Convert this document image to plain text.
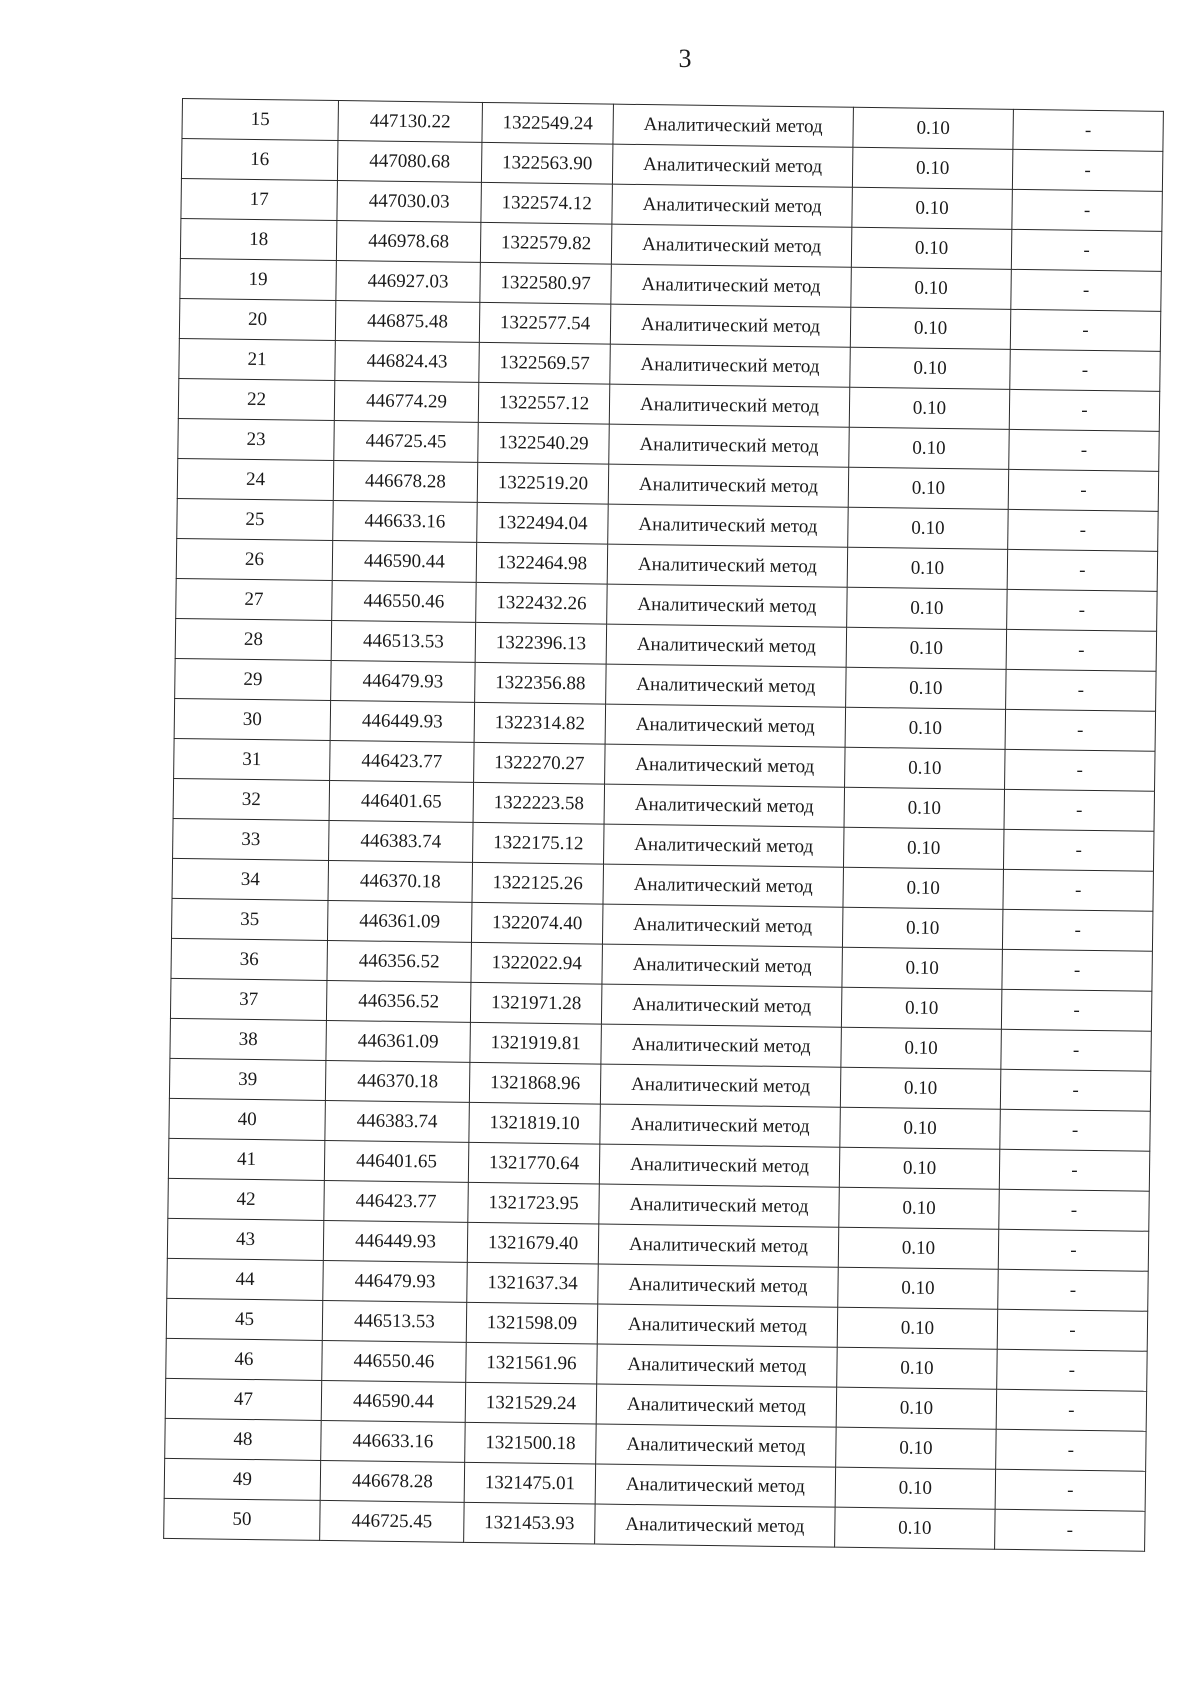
3
15	447130.22	1322549.24	Аналитический метод	0.10	-
16	447080.68	1322563.90	Аналитический метод	0.10	-
17	447030.03	1322574.12	Аналитический метод	0.10	-
18	446978.68	1322579.82	Аналитический метод	0.10	-
19	446927.03	1322580.97	Аналитический метод	0.10	-
20	446875.48	1322577.54	Аналитический метод	0.10	-
21	446824.43	1322569.57	Аналитический метод	0.10	-
22	446774.29	1322557.12	Аналитический метод	0.10	-
23	446725.45	1322540.29	Аналитический метод	0.10	-
24	446678.28	1322519.20	Аналитический метод	0.10	-
25	446633.16	1322494.04	Аналитический метод	0.10	-
26	446590.44	1322464.98	Аналитический метод	0.10	-
27	446550.46	1322432.26	Аналитический метод	0.10	-
28	446513.53	1322396.13	Аналитический метод	0.10	-
29	446479.93	1322356.88	Аналитический метод	0.10	-
30	446449.93	1322314.82	Аналитический метод	0.10	-
31	446423.77	1322270.27	Аналитический метод	0.10	-
32	446401.65	1322223.58	Аналитический метод	0.10	-
33	446383.74	1322175.12	Аналитический метод	0.10	-
34	446370.18	1322125.26	Аналитический метод	0.10	-
35	446361.09	1322074.40	Аналитический метод	0.10	-
36	446356.52	1322022.94	Аналитический метод	0.10	-
37	446356.52	1321971.28	Аналитический метод	0.10	-
38	446361.09	1321919.81	Аналитический метод	0.10	-
39	446370.18	1321868.96	Аналитический метод	0.10	-
40	446383.74	1321819.10	Аналитический метод	0.10	-
41	446401.65	1321770.64	Аналитический метод	0.10	-
42	446423.77	1321723.95	Аналитический метод	0.10	-
43	446449.93	1321679.40	Аналитический метод	0.10	-
44	446479.93	1321637.34	Аналитический метод	0.10	-
45	446513.53	1321598.09	Аналитический метод	0.10	-
46	446550.46	1321561.96	Аналитический метод	0.10	-
47	446590.44	1321529.24	Аналитический метод	0.10	-
48	446633.16	1321500.18	Аналитический метод	0.10	-
49	446678.28	1321475.01	Аналитический метод	0.10	-
50	446725.45	1321453.93	Аналитический метод	0.10	-
